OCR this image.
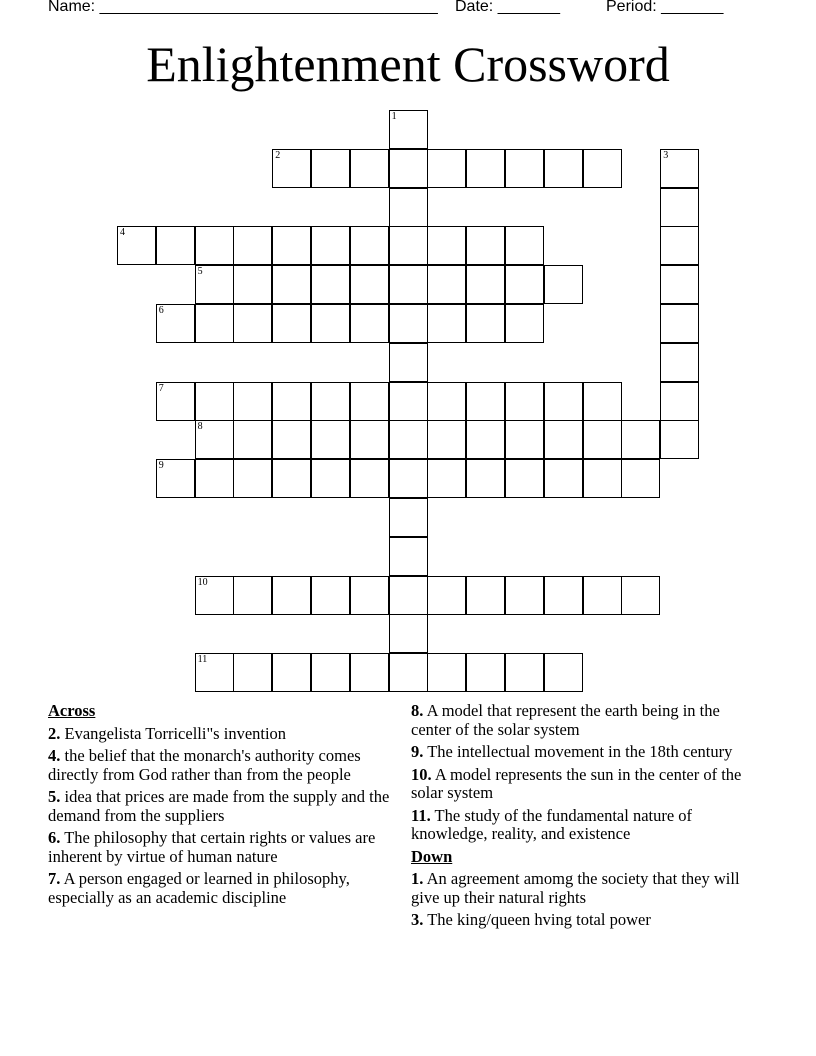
Name: ______________________________________ Date: _______	Period: _______
Enlightenment Crossword
1
3
2
4
5
6
7
8
9
10
11
Across
2. Evangelista Torricelli"s invention
4. the belief that the monarch's authority comes directly from God rather than from the people
5. idea that prices are made from the supply and the demand from the suppliers
6. The philosophy that certain rights or values are inherent by virtue of human nature
7. A person engaged or learned in philosophy, especially as an academic discipline
8. A model that represent the earth being in the center of the solar system
9. The intellectual movement in the 18th century
10. A model represents the sun in the center of the solar system
11. The study of the fundamental nature of knowledge, reality, and existence
Down
1. An agreement amomg the society that they will give up their natural rights
3. The king/queen hving total power
